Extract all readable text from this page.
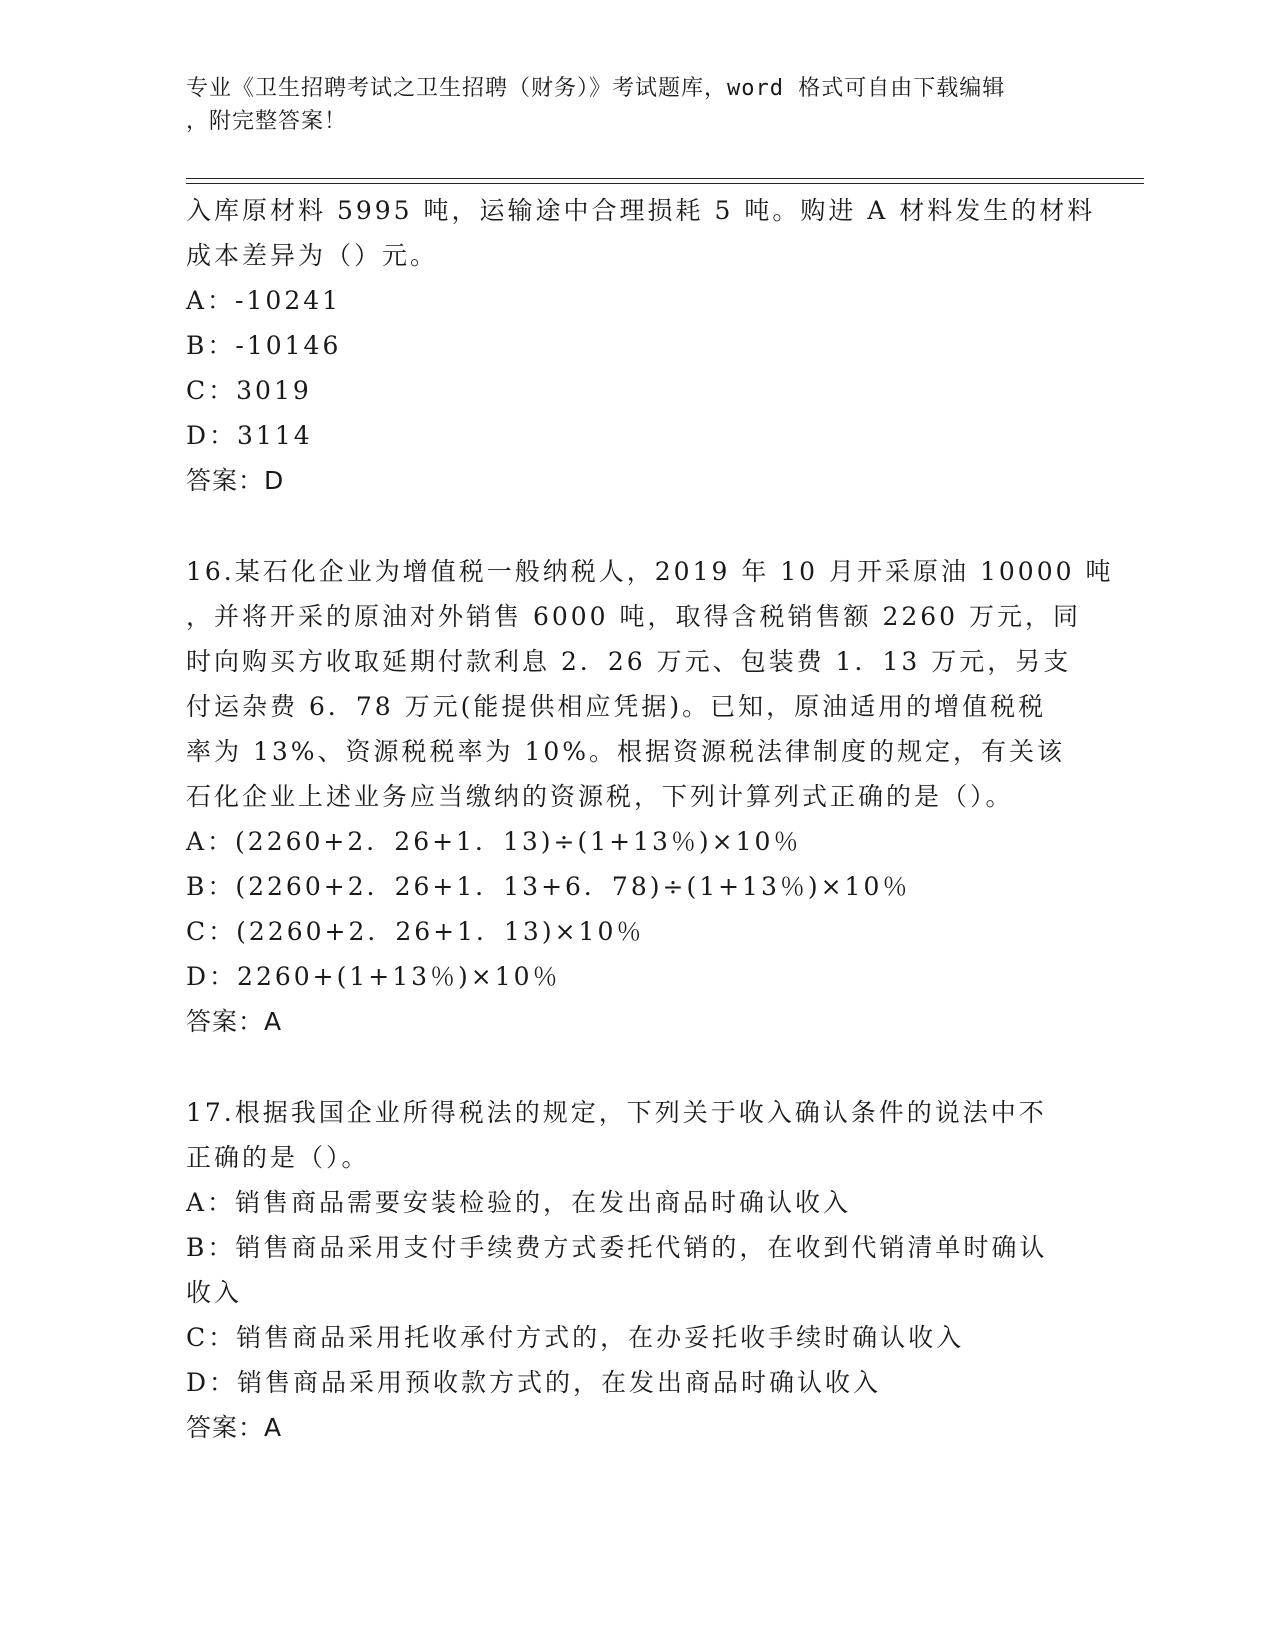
专业《卫生招聘考试之卫生招聘（财务）》考试题库，word 格式可自由下载编辑
，附完整答案！
入库原材料 5995 吨，运输途中合理损耗 5 吨。购进 A 材料发生的材料
成本差异为（）元。
A：-10241
B：-10146
C：3019
D：3114
答案：D
16.某石化企业为增值税一般纳税人，2019 年 10 月开采原油 10000 吨
，并将开采的原油对外销售 6000 吨，取得含税销售额 2260 万元，同
时向购买方收取延期付款利息 2．26 万元、包装费 1．13 万元，另支
付运杂费 6．78 万元(能提供相应凭据)。已知，原油适用的增值税税
率为 13%、资源税税率为 10%。根据资源税法律制度的规定，有关该
石化企业上述业务应当缴纳的资源税，下列计算列式正确的是（）。
A：(2260+2．26+1．13)÷(1+13％)×10％
B：(2260+2．26+1．13+6．78)÷(1+13％)×10％
C：(2260+2．26+1．13)×10％
D：2260+(1+13％)×10％
答案：A
17.根据我国企业所得税法的规定，下列关于收入确认条件的说法中不
正确的是（）。
A：销售商品需要安装检验的，在发出商品时确认收入
B：销售商品采用支付手续费方式委托代销的，在收到代销清单时确认
收入
C：销售商品采用托收承付方式的，在办妥托收手续时确认收入
D：销售商品采用预收款方式的，在发出商品时确认收入
答案：A
